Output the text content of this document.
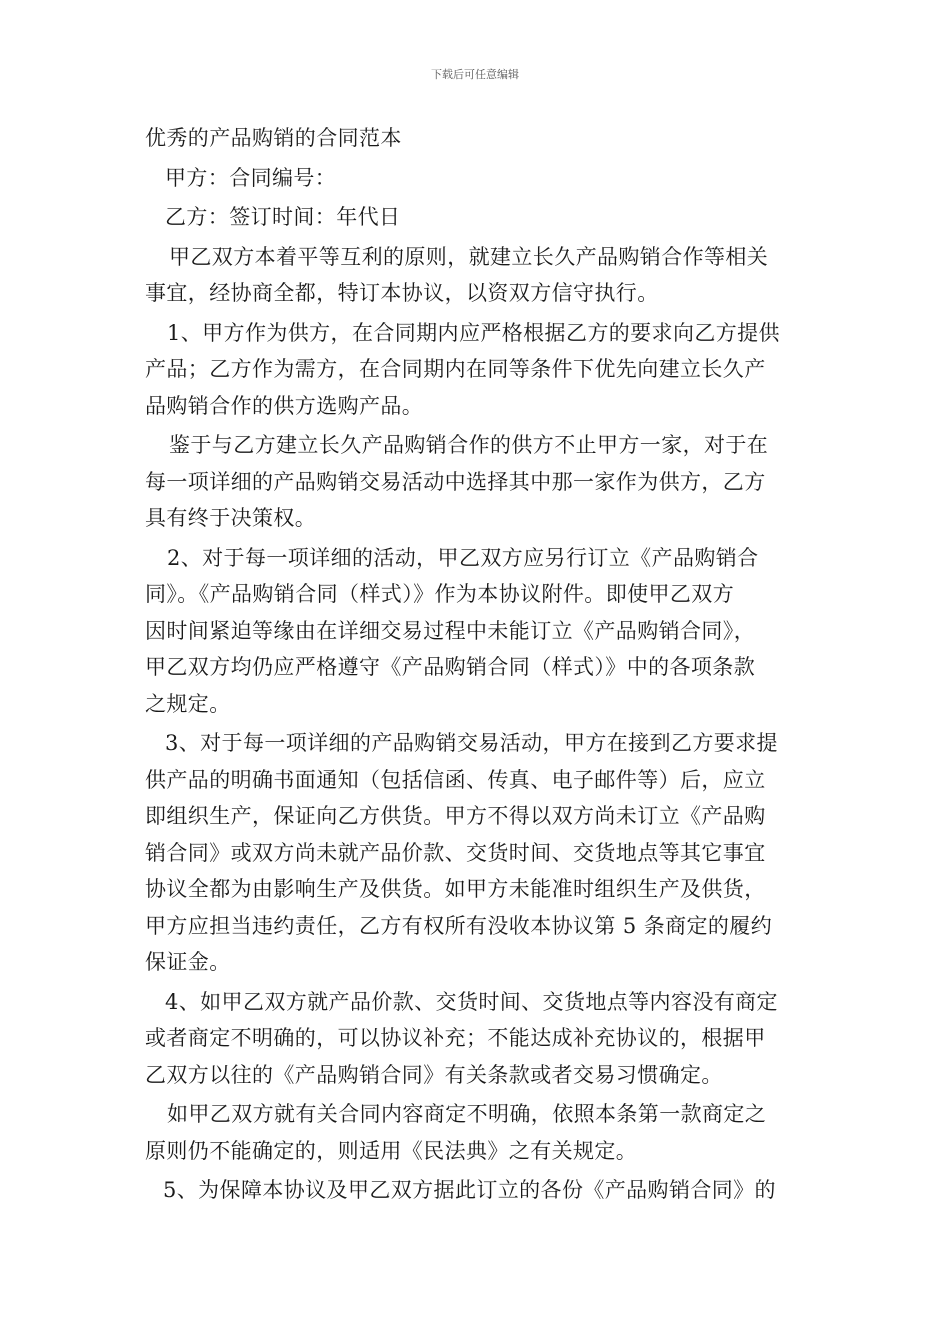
下载后可任意编辑

优秀的产品购销的合同范本

甲方：合同编号：

乙方：签订时间：年代日

甲乙双方本着平等互利的原则，就建立长久产品购销合作等相关

事宜，经协商全都，特订本协议，以资双方信守执行。

1、甲方作为供方，在合同期内应严格根据乙方的要求向乙方提供

产品；乙方作为需方，在合同期内在同等条件下优先向建立长久产

品购销合作的供方选购产品。

鉴于与乙方建立长久产品购销合作的供方不止甲方一家，对于在

每一项详细的产品购销交易活动中选择其中那一家作为供方，乙方

具有终于决策权。

2、对于每一项详细的活动，甲乙双方应另行订立《产品购销合

同》。《产品购销合同（样式）》作为本协议附件。即使甲乙双方

因时间紧迫等缘由在详细交易过程中未能订立《产品购销合同》，

甲乙双方均仍应严格遵守《产品购销合同（样式）》中的各项条款

之规定。

3、对于每一项详细的产品购销交易活动，甲方在接到乙方要求提

供产品的明确书面通知（包括信函、传真、电子邮件等）后，应立

即组织生产，保证向乙方供货。甲方不得以双方尚未订立《产品购

销合同》或双方尚未就产品价款、交货时间、交货地点等其它事宜

协议全都为由影响生产及供货。如甲方未能准时组织生产及供货，

甲方应担当违约责任，乙方有权所有没收本协议第 5 条商定的履约

保证金。

4、如甲乙双方就产品价款、交货时间、交货地点等内容没有商定

或者商定不明确的，可以协议补充；不能达成补充协议的，根据甲

乙双方以往的《产品购销合同》有关条款或者交易习惯确定。

如甲乙双方就有关合同内容商定不明确，依照本条第一款商定之

原则仍不能确定的，则适用《民法典》之有关规定。

5、为保障本协议及甲乙双方据此订立的各份《产品购销合同》的
